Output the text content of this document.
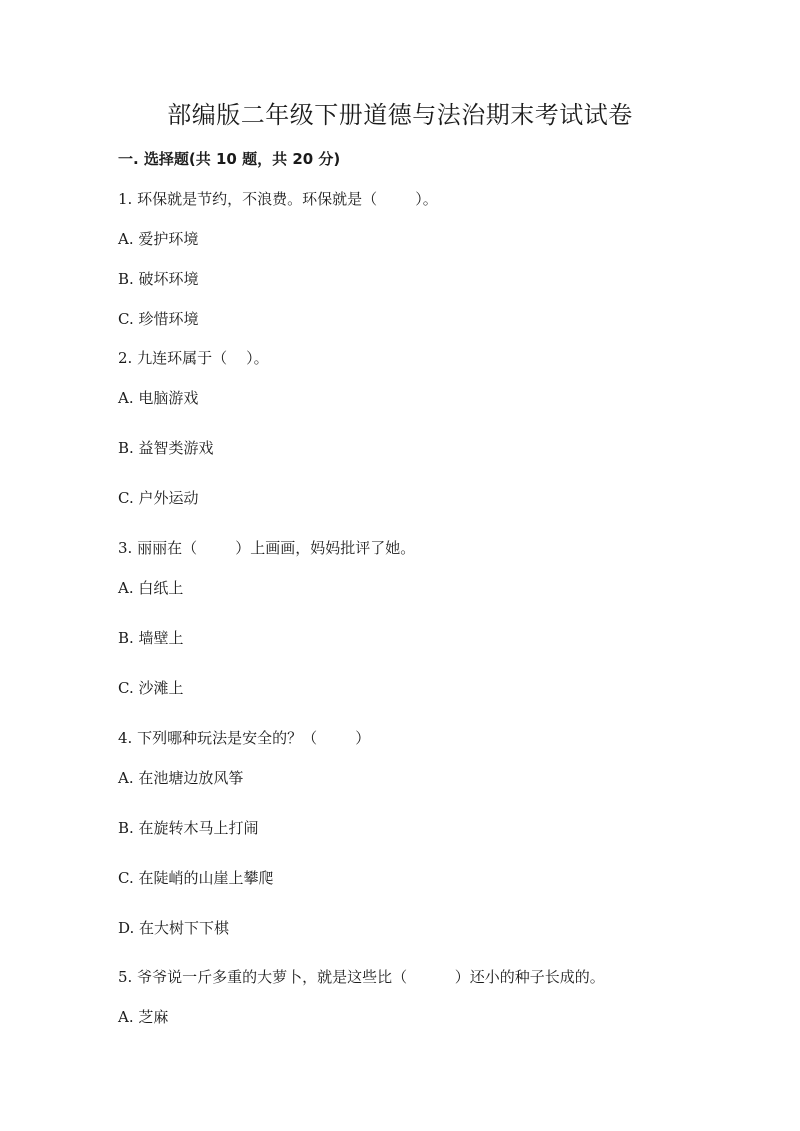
部编版二年级下册道德与法治期末考试试卷
一. 选择题(共 10 题，共 20 分)
1. 环保就是节约，不浪费。环保就是（        ）。
A. 爱护环境
B. 破坏环境
C. 珍惜环境
2. 九连环属于（    ）。
A. 电脑游戏
B. 益智类游戏
C. 户外运动
3. 丽丽在（        ）上画画，妈妈批评了她。
A. 白纸上
B. 墙壁上
C. 沙滩上
4. 下列哪种玩法是安全的？（        ）
A. 在池塘边放风筝
B. 在旋转木马上打闹
C. 在陡峭的山崖上攀爬
D. 在大树下下棋
5. 爷爷说一斤多重的大萝卜，就是这些比（          ）还小的种子长成的。
A. 芝麻
